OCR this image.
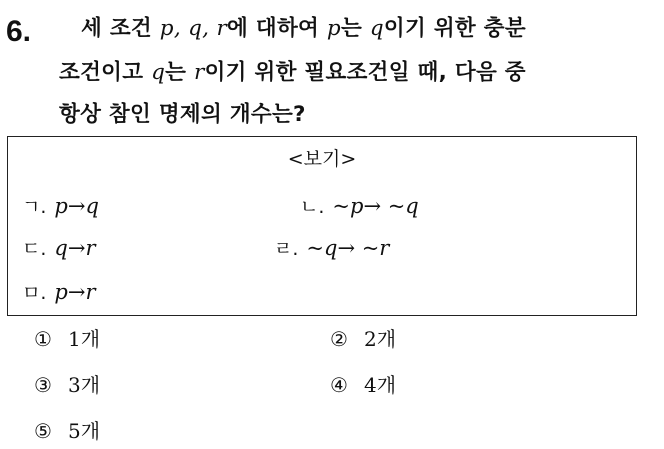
6. 세 조건 p, q, r에 대하여 p는 q이기 위한 충분
조건이고 q는 r이기 위한 필요조건일 때, 다음 중
항상 참인 명제의 개수는?
<보기>
ㄱ. p→q	ㄴ. ~p→ ~q
ㄷ. q→r	ㄹ. ~q→ ~r
ㅁ. p→r
① 1개	② 2개
③ 3개	④ 4개
⑤ 5개
